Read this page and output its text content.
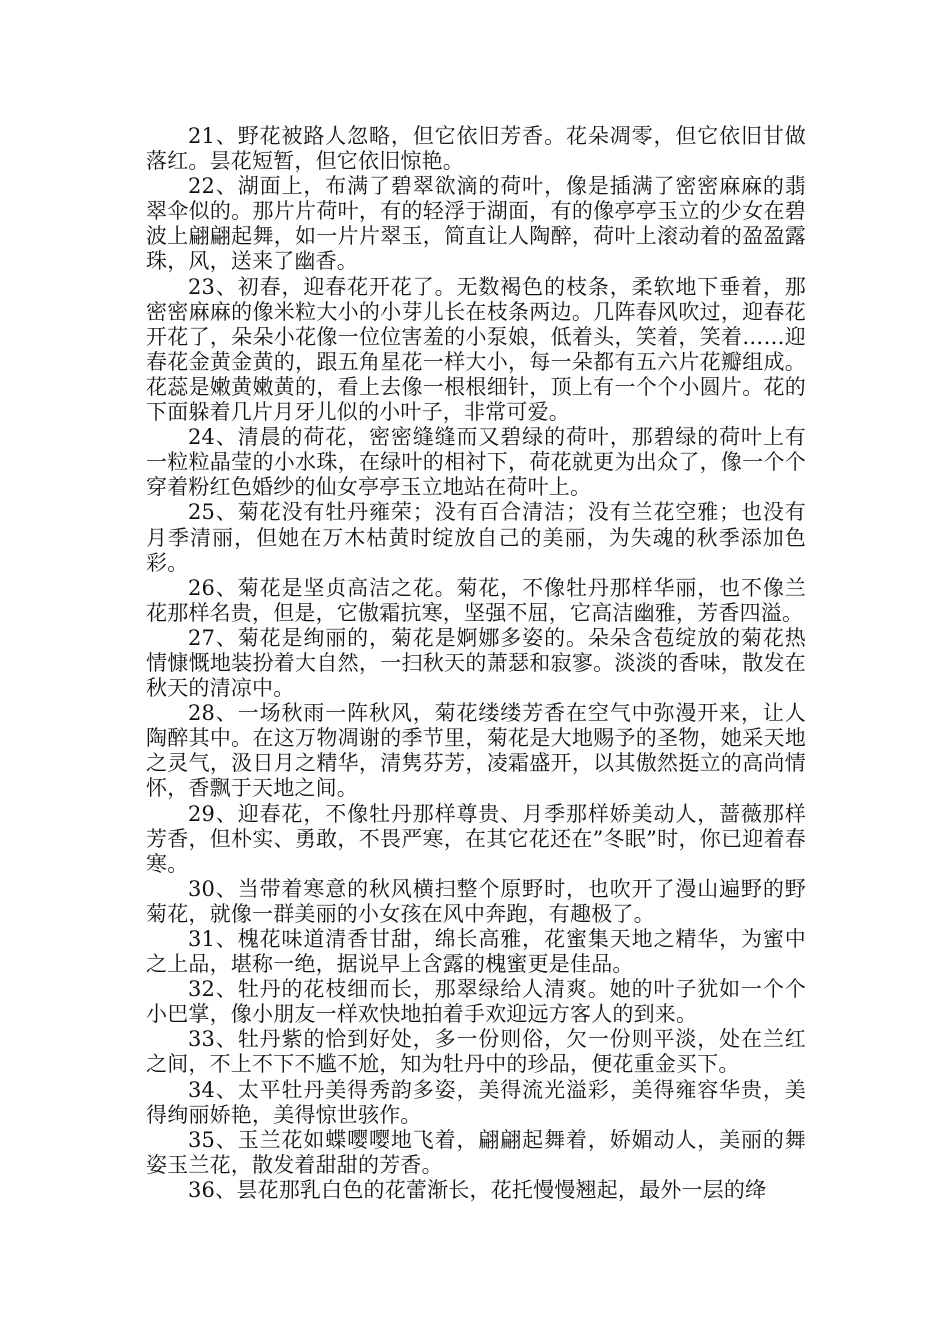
21、野花被路人忽略，但它依旧芳香。花朵凋零，但它依旧甘做落红。昙花短暂，但它依旧惊艳。

22、湖面上，布满了碧翠欲滴的荷叶，像是插满了密密麻麻的翡翠伞似的。那片片荷叶，有的轻浮于湖面，有的像亭亭玉立的少女在碧波上翩翩起舞，如一片片翠玉，简直让人陶醉，荷叶上滚动着的盈盈露珠，风，送来了幽香。

23、初春，迎春花开花了。无数褐色的枝条，柔软地下垂着，那密密麻麻的像米粒大小的小芽儿长在枝条两边。几阵春风吹过，迎春花开花了，朵朵小花像一位位害羞的小泵娘，低着头，笑着，笑着……迎春花金黄金黄的，跟五角星花一样大小，每一朵都有五六片花瓣组成。花蕊是嫩黄嫩黄的，看上去像一根根细针，顶上有一个个小圆片。花的下面躲着几片月牙儿似的小叶子，非常可爱。

24、清晨的荷花，密密缝缝而又碧绿的荷叶，那碧绿的荷叶上有一粒粒晶莹的小水珠，在绿叶的相衬下，荷花就更为出众了，像一个个穿着粉红色婚纱的仙女亭亭玉立地站在荷叶上。

25、菊花没有牡丹雍荣；没有百合清洁；没有兰花空雅；也没有月季清丽，但她在万木枯黄时绽放自己的美丽，为失魂的秋季添加色彩。

26、菊花是坚贞高洁之花。菊花，不像牡丹那样华丽，也不像兰花那样名贵，但是，它傲霜抗寒，坚强不屈，它高洁幽雅，芳香四溢。

27、菊花是绚丽的，菊花是婀娜多姿的。朵朵含苞绽放的菊花热情慷慨地装扮着大自然，一扫秋天的萧瑟和寂寥。淡淡的香味，散发在秋天的清凉中。

28、一场秋雨一阵秋风，菊花缕缕芳香在空气中弥漫开来，让人陶醉其中。在这万物凋谢的季节里，菊花是大地赐予的圣物，她采天地之灵气，汲日月之精华，清隽芬芳，凌霜盛开，以其傲然挺立的高尚情怀，香飘于天地之间。

29、迎春花，不像牡丹那样尊贵、月季那样娇美动人，蔷薇那样芳香，但朴实、勇敢，不畏严寒，在其它花还在”冬眠”时，你已迎着春寒。

30、当带着寒意的秋风横扫整个原野时，也吹开了漫山遍野的野菊花，就像一群美丽的小女孩在风中奔跑，有趣极了。

31、槐花味道清香甘甜，绵长高雅，花蜜集天地之精华，为蜜中之上品，堪称一绝，据说早上含露的槐蜜更是佳品。

32、牡丹的花枝细而长，那翠绿给人清爽。她的叶子犹如一个个小巴掌，像小朋友一样欢快地拍着手欢迎远方客人的到来。

33、牡丹紫的恰到好处，多一份则俗，欠一份则平淡，处在兰红之间，不上不下不尴不尬，知为牡丹中的珍品，便花重金买下。

34、太平牡丹美得秀韵多姿，美得流光溢彩，美得雍容华贵，美得绚丽娇艳，美得惊世骇作。

35、玉兰花如蝶嘤嘤地飞着，翩翩起舞着，娇媚动人，美丽的舞姿玉兰花，散发着甜甜的芳香。

36、昙花那乳白色的花蕾渐长，花托慢慢翘起，最外一层的绛
